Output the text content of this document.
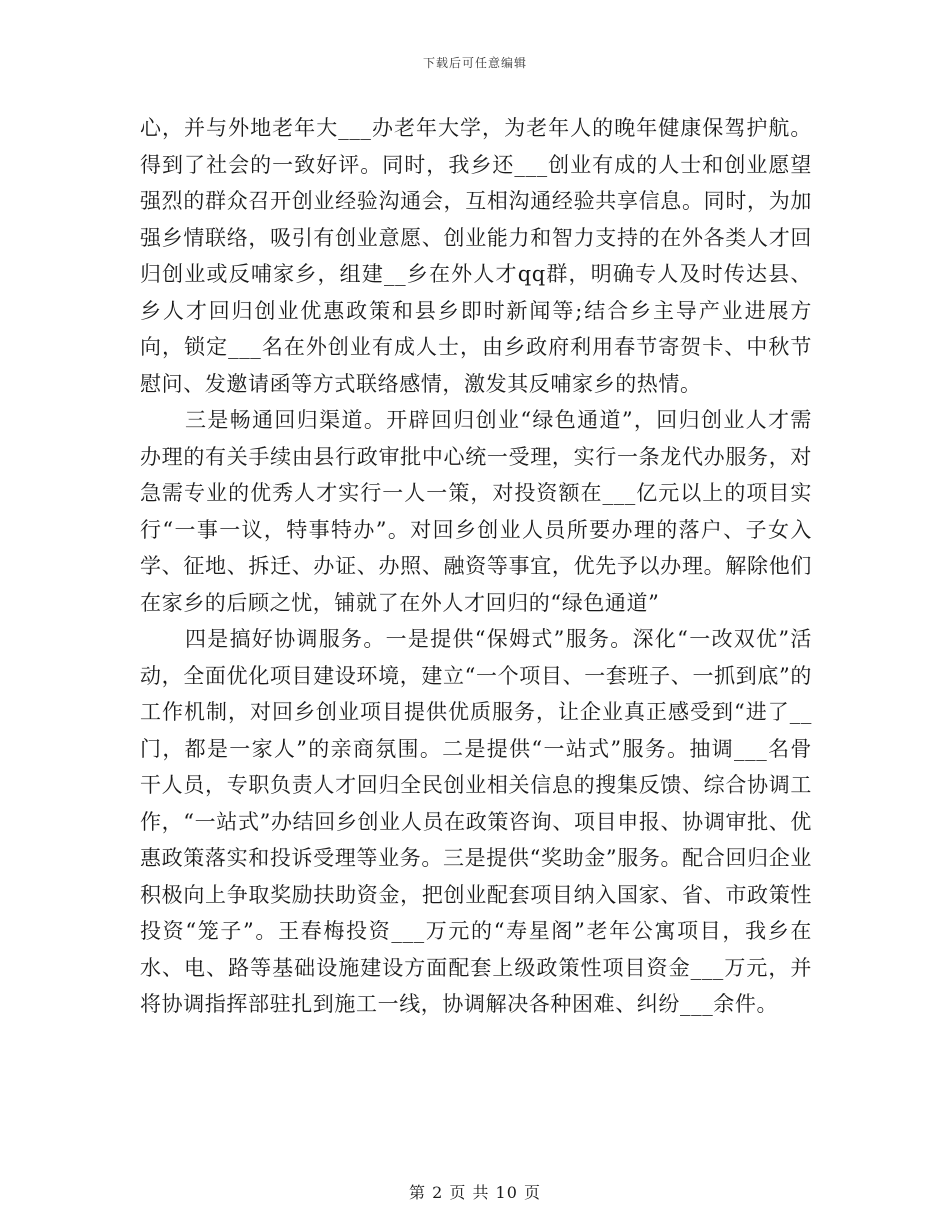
下载后可任意编辑

心，并与外地老年大___办老年大学，为老年人的晚年健康保驾护航。得到了社会的一致好评。同时，我乡还___创业有成的人士和创业愿望强烈的群众召开创业经验沟通会，互相沟通经验共享信息。同时，为加强乡情联络，吸引有创业意愿、创业能力和智力支持的在外各类人才回归创业或反哺家乡，组建__乡在外人才qq群，明确专人及时传达县、乡人才回归创业优惠政策和县乡即时新闻等;结合乡主导产业进展方向，锁定___名在外创业有成人士，由乡政府利用春节寄贺卡、中秋节慰问、发邀请函等方式联络感情，激发其反哺家乡的热情。

三是畅通回归渠道。开辟回归创业“绿色通道”，回归创业人才需办理的有关手续由县行政审批中心统一受理，实行一条龙代办服务，对急需专业的优秀人才实行一人一策，对投资额在___亿元以上的项目实行“一事一议，特事特办”。对回乡创业人员所要办理的落户、子女入学、征地、拆迁、办证、办照、融资等事宜，优先予以办理。解除他们在家乡的后顾之忧，铺就了在外人才回归的“绿色通道”

四是搞好协调服务。一是提供“保姆式”服务。深化“一改双优”活动，全面优化项目建设环境，建立“一个项目、一套班子、一抓到底”的工作机制，对回乡创业项目提供优质服务，让企业真正感受到“进了__门，都是一家人”的亲商氛围。二是提供“一站式”服务。抽调___名骨干人员，专职负责人才回归全民创业相关信息的搜集反馈、综合协调工作，“一站式”办结回乡创业人员在政策咨询、项目申报、协调审批、优惠政策落实和投诉受理等业务。三是提供“奖助金”服务。配合回归企业积极向上争取奖励扶助资金，把创业配套项目纳入国家、省、市政策性投资“笼子”。王春梅投资___万元的“寿星阁”老年公寓项目，我乡在水、电、路等基础设施建设方面配套上级政策性项目资金___万元，并将协调指挥部驻扎到施工一线，协调解决各种困难、纠纷___余件。

第 2 页 共 10 页
